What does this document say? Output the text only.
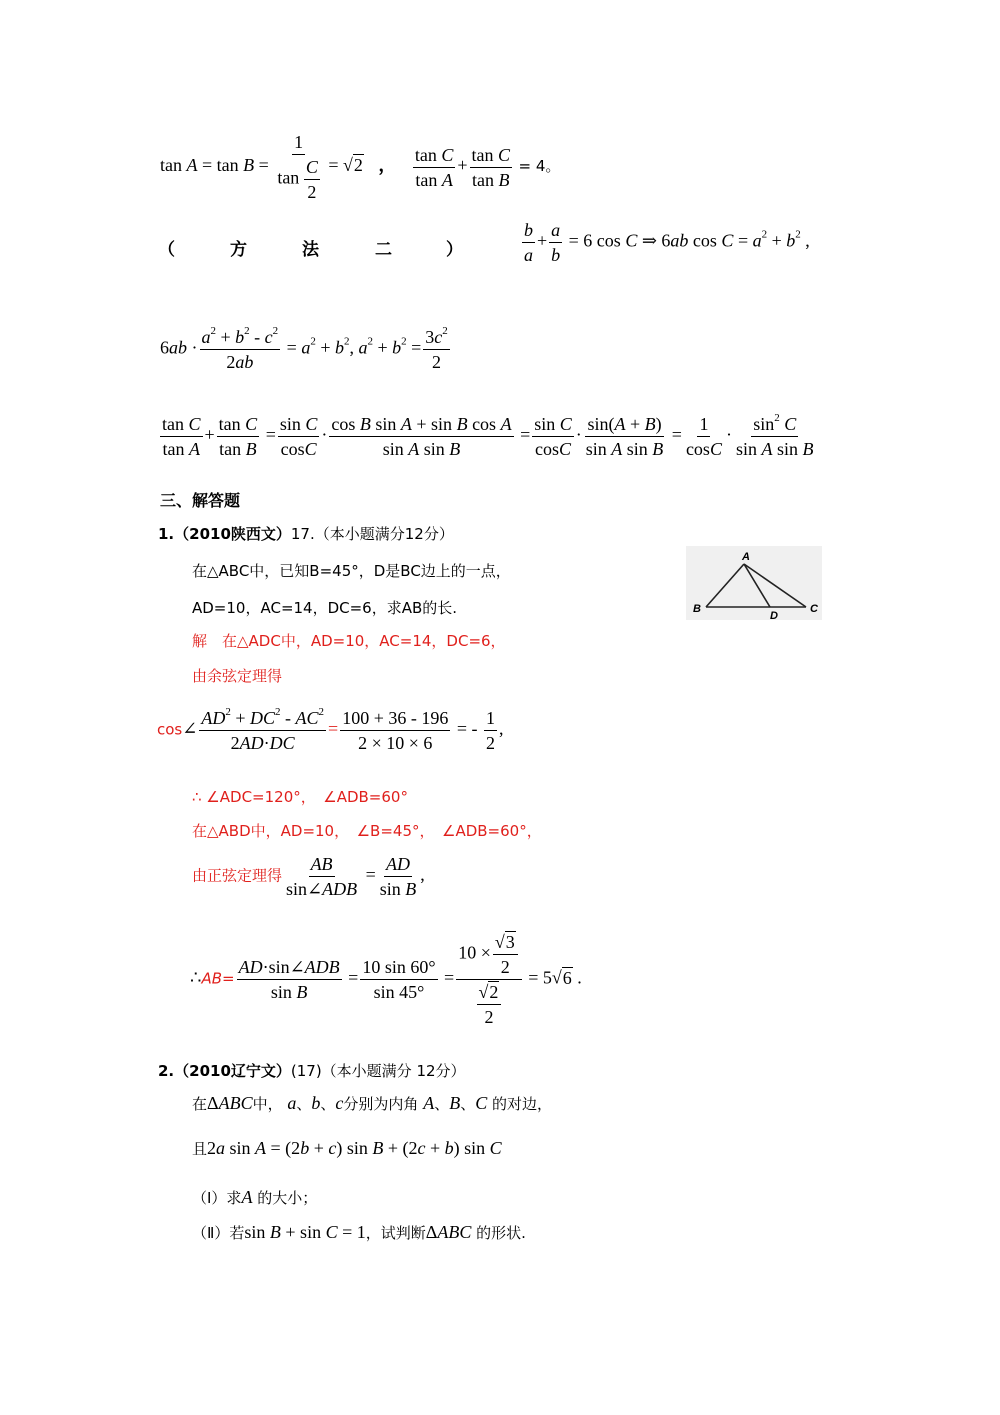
$\tan A = \tan B = \frac{1}{\tan \frac{C}{2}} = √2$ ， $\frac{\text{tan C}}{\text{tan A}} + \frac{\text{tan C}}{\text{tan B}} = 4$。
（	方	法	二	）	$\frac{b}{a} + \frac{a}{b} = 6$ cos C ⇒ 6ab $\cos C = a^2 + b^2$ ,
$6ab \cdot \frac{a^2 + b^2 - c^2}{2ab} = a^2 + b^2$, $a^2 + b^2 = \frac{3c^2}{2}$
$\frac{\text{tan C}}{\text{tan A}} + \frac{\text{tan C}}{\text{tan B}} = \frac{\text{sin C}}{\cos C} \cdot \frac{\text{cos B sin A + sin B cos A}}{\text{sin A sin B}} = \frac{\text{sin C}}{\cos C} \cdot \frac{\sin(A + B)}{\text{sin A sin B}} = \frac{1}{\cos C} \cdot \frac{\sin^2 C}{\text{sin A sin B}}$
三、解答题
1.（2010陕西文）17.（本小题满分12分）
在△ABC中，已知B=45°，D是BC边上的一点，
AD=10，AC=14，DC=6，求AB的长.
解　在△ADC中，AD=10，AC=14，DC=6，
由余弦定理得
A
B	C
D
cos∠ $\frac{AD^2 + DC^2 - AC^2}{2AD\cdot DC} = \frac{100 + 36 - 196}{2 \times 10 \times 6}$ = - $\frac{1}{2}$ ,
∴ ∠ADC=120°，　∠ADB=60°
在△ABD中，AD=10，　∠B=45°，　∠ADB=60°，
由正弦定理得 $\frac{AB}{\text{sin∠ADB}} = \frac{AD}{\text{sin B}}$ ,
∴AB= $\frac{\text{AD·sin∠ADB}}{\text{sin B}} = \frac{10 \sin 60^\circ}{\sin 45^\circ} = \frac{10 \times \frac{√3}{2}}{\frac{√2}{2}} = 5√6$ .
2.（2010辽宁文）(17)（本小题满分 12分）
在ΔABC中， a、b、c分别为内角 A、B、C 的对边，
且2a sin A = (2b + c) sin B + (2c + b) sin C
（Ⅰ）求A 的大小；
（Ⅱ）若sin B + sin C = 1，试判断ΔABC 的形状.
